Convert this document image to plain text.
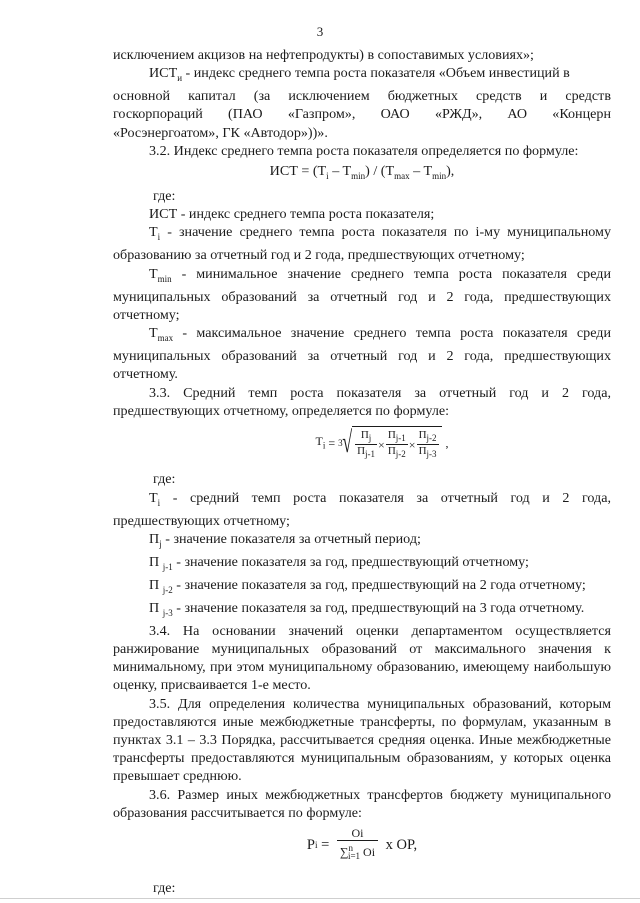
3

исключением акцизов на нефтепродукты) в сопоставимых условиях»;

$ИСТ_и$ - индекс среднего темпа роста показателя «Объем инвестиций в

основной капитал (за исключением бюджетных средств и средств

госкорпораций (ПАО «Газпром», ОАО «РЖД», АО «Концерн

«Росэнергоатом», ГК «Автодор»))».

3.2. Индекс среднего темпа роста показателя определяется по формуле:

ИСТ = $(T_i - T_{min}) / (T_{max} - T_{min})$,

где:

ИСТ - индекс среднего темпа роста показателя;

$T_i$ - значение среднего темпа роста показателя по i-му муниципальному образованию за отчетный год и 2 года, предшествующих отчетному;

$T_{min}$ - минимальное значение среднего темпа роста показателя среди муниципальных образований за отчетный год и 2 года, предшествующих отчетному;

$T_{max}$ - максимальное значение среднего темпа роста показателя среди муниципальных образований за отчетный год и 2 года, предшествующих отчетному.

3.3. Средний темп роста показателя за отчетный год и 2 года, предшествующих отчетному, определяется по формуле:

$T_i = 3$ √ $\frac{П_j}{П_{j-1}} \times \frac{П_{j-1}}{П_{j-2}} \times \frac{П_{j-2}}{П_{j-3}}$ ,

где:

$T_i$ - средний темп роста показателя за отчетный год и 2 года, предшествующих отчетному;

$П_j$ - значение показателя за отчетный период;

П $_{j-1}$ - значение показателя за год, предшествующий отчетному;

П $_{j-2}$ - значение показателя за год, предшествующий на 2 года отчетному;

П $_{j-3}$ - значение показателя за год, предшествующий на 3 года отчетному.

3.4. На основании значений оценки департаментом осуществляется ранжирование муниципальных образований от максимального значения к минимальному, при этом муниципальному образованию, имеющему наибольшую оценку, присваивается 1-е место.

3.5. Для определения количества муниципальных образований, которым предоставляются иные межбюджетные трансферты, по формулам, указанным в пунктах 3.1 – 3.3 Порядка, рассчитывается средняя оценка. Иные межбюджетные трансферты предоставляются муниципальным образованиям, у которых оценка превышает среднюю.

3.6. Размер иных межбюджетных трансфертов бюджету муниципального образования рассчитывается по формуле:

P $i = \frac{Oi}{\sum^n_{i=1} Oi}$ x OP,

где:
